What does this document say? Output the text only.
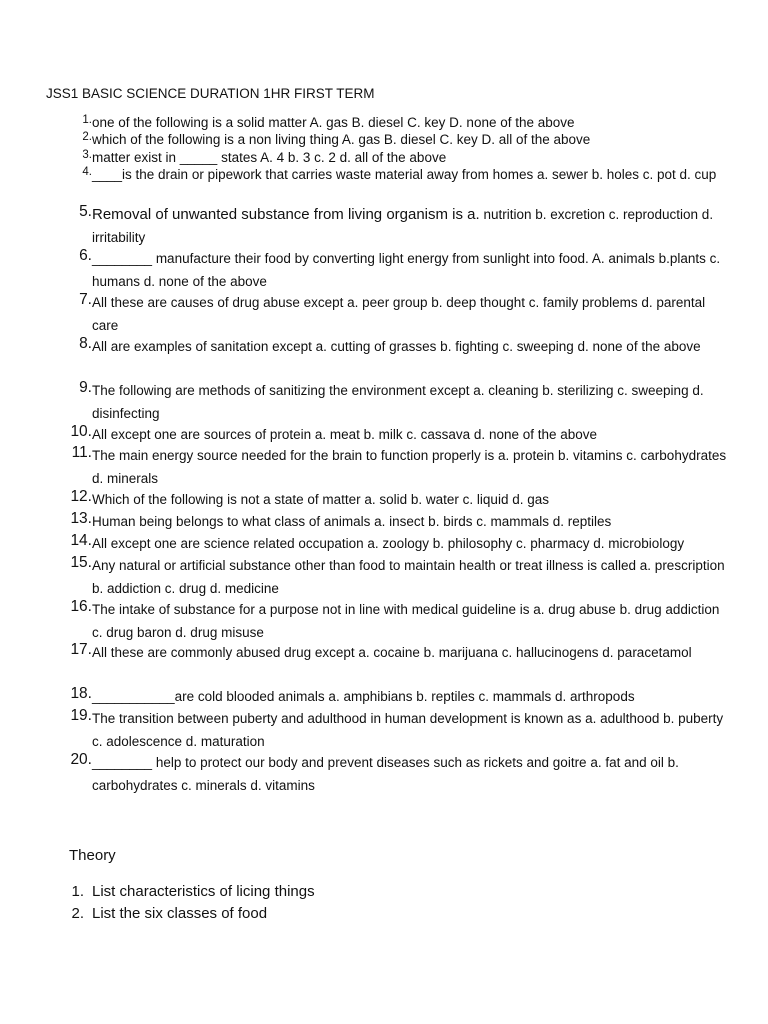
JSS1 BASIC SCIENCE DURATION 1HR FIRST TERM
1. one of the following is a solid matter A. gas B. diesel C. key D. none of the above
2. which of the following is a non living thing A. gas B. diesel C. key D. all of the above
3. matter exist in _____ states A. 4 b. 3 c. 2 d. all of the above
4. ____is the drain or pipework that carries waste material away from homes a. sewer b. holes c. pot d. cup
5. Removal of unwanted substance from living organism is a. nutrition b. excretion c. reproduction d. irritability
6. ________ manufacture their food by converting light energy from sunlight into food. A. animals b.plants c. humans d. none of the above
7. All these are causes of drug abuse except a. peer group b. deep thought c. family problems d. parental care
8. All are examples of sanitation except a. cutting of grasses b. fighting c. sweeping d. none of the above
9. The following are methods of sanitizing the environment except a. cleaning b. sterilizing c. sweeping d. disinfecting
10. All except one are sources of protein a. meat b. milk c. cassava d. none of the above
11. The main energy source needed for the brain to function properly is a. protein b. vitamins c. carbohydrates d. minerals
12. Which of the following is not a state of matter a. solid b. water c. liquid d. gas
13. Human being belongs to what class of animals a. insect b. birds c. mammals d. reptiles
14. All except one are science related occupation a. zoology b. philosophy c. pharmacy d. microbiology
15. Any natural or artificial substance other than food to maintain health or treat illness is called a. prescription b. addiction c. drug d. medicine
16. The intake of substance for a purpose not in line with medical guideline is a. drug abuse b. drug addiction c. drug baron d. drug misuse
17. All these are commonly abused drug except a. cocaine b. marijuana c. hallucinogens d. paracetamol
18. ___________are cold blooded animals a. amphibians b. reptiles c. mammals d. arthropods
19. The transition between puberty and adulthood in human development is known as a. adulthood b. puberty c. adolescence d. maturation
20. ________ help to protect our body and prevent diseases such as rickets and goitre a. fat and oil b. carbohydrates c. minerals d. vitamins
Theory
1. List characteristics of licing things
2. List the six classes of food
